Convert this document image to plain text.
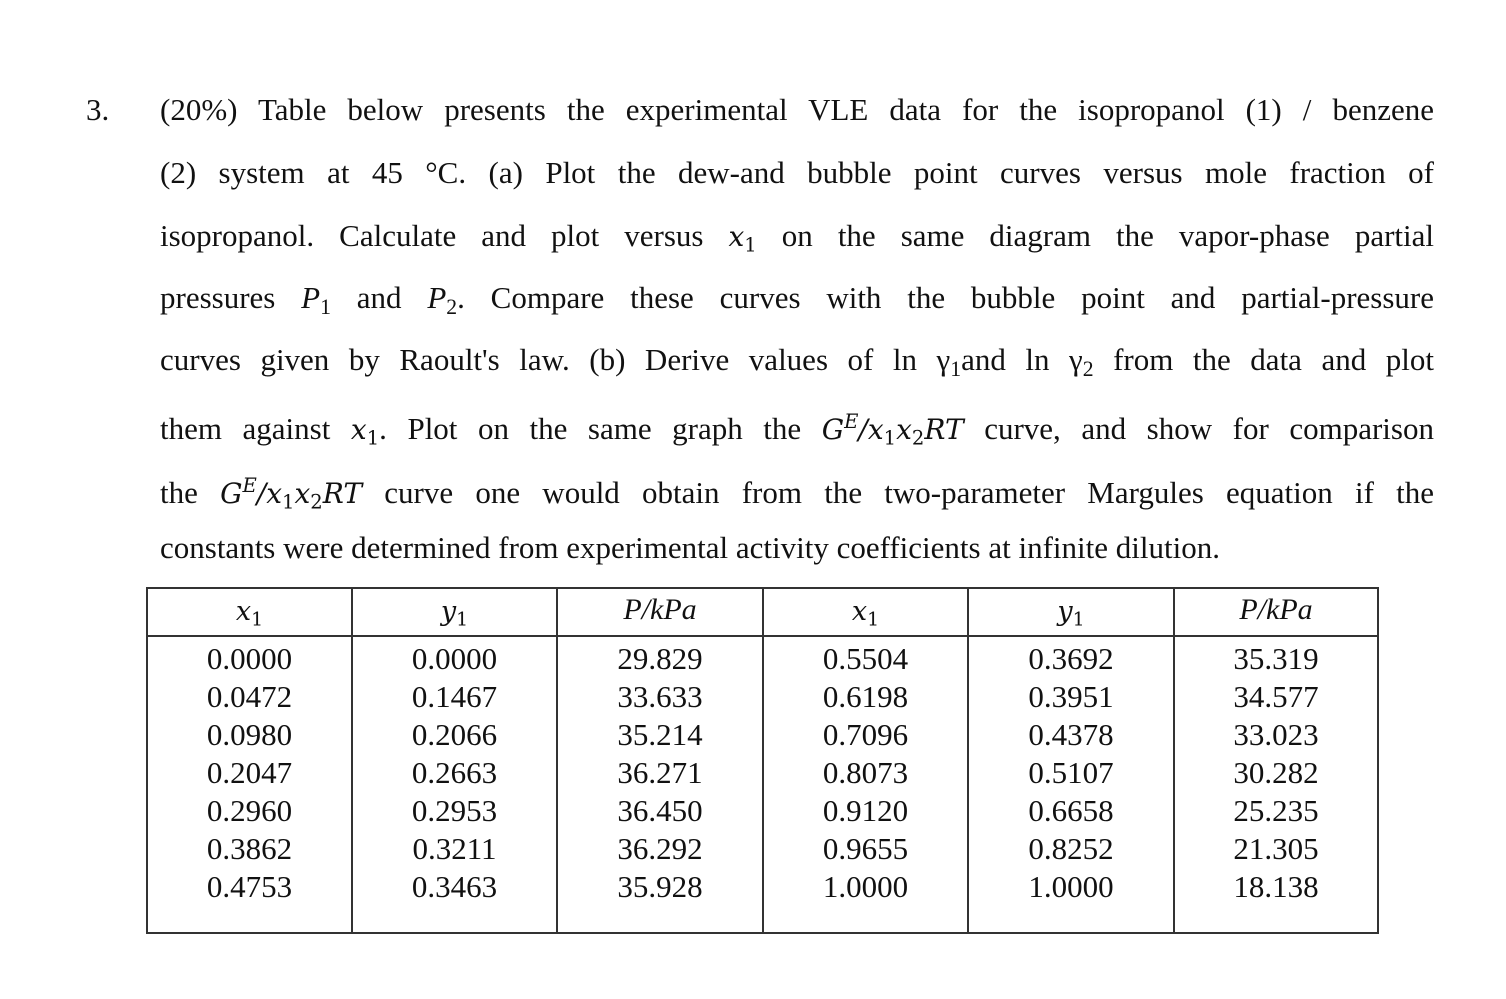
3. (20%) Table below presents the experimental VLE data for the isopropanol (1) / benzene
(2) system at 45 °C. (a) Plot the dew-and bubble point curves versus mole fraction of
isopropanol. Calculate and plot versus $x_1$ on the same diagram the vapor-phase partial
pressures $P_1$ and $P_2$. Compare these curves with the bubble point and partial-pressure
curves given by Raoult's law. (b) Derive values of $\ln \gamma_1and$ $\ln \gamma_2$ from the data and plot
them against $x_1$. Plot on the same graph the $G^E/x_1x_2RT$ curve, and show for comparison
the $G^E/x_1x_2RT$ curve one would obtain from the two-parameter Margules equation if the
constants were determined from experimental activity coefficients at infinite dilution.
$x_1$
0.0000
0.0472
0.0980
0.2047
0.2960
0.3862
0.4753
$y_1$
0.0000
0.1467
0.2066
0.2663
0.2953
0.3211
0.3463
P/kPa
29.829
33.633
35.214
36.271
36.450
36.292
35.928
$x_1$
0.5504
0.6198
0.7096
0.8073
0.9120
0.9655
1.0000
$y_1$
0.3692
0.3951
0.4378
0.5107
0.6658
0.8252
1.0000
P/kPa
35.319
34.577
33.023
30.282
25.235
21.305
18.138
